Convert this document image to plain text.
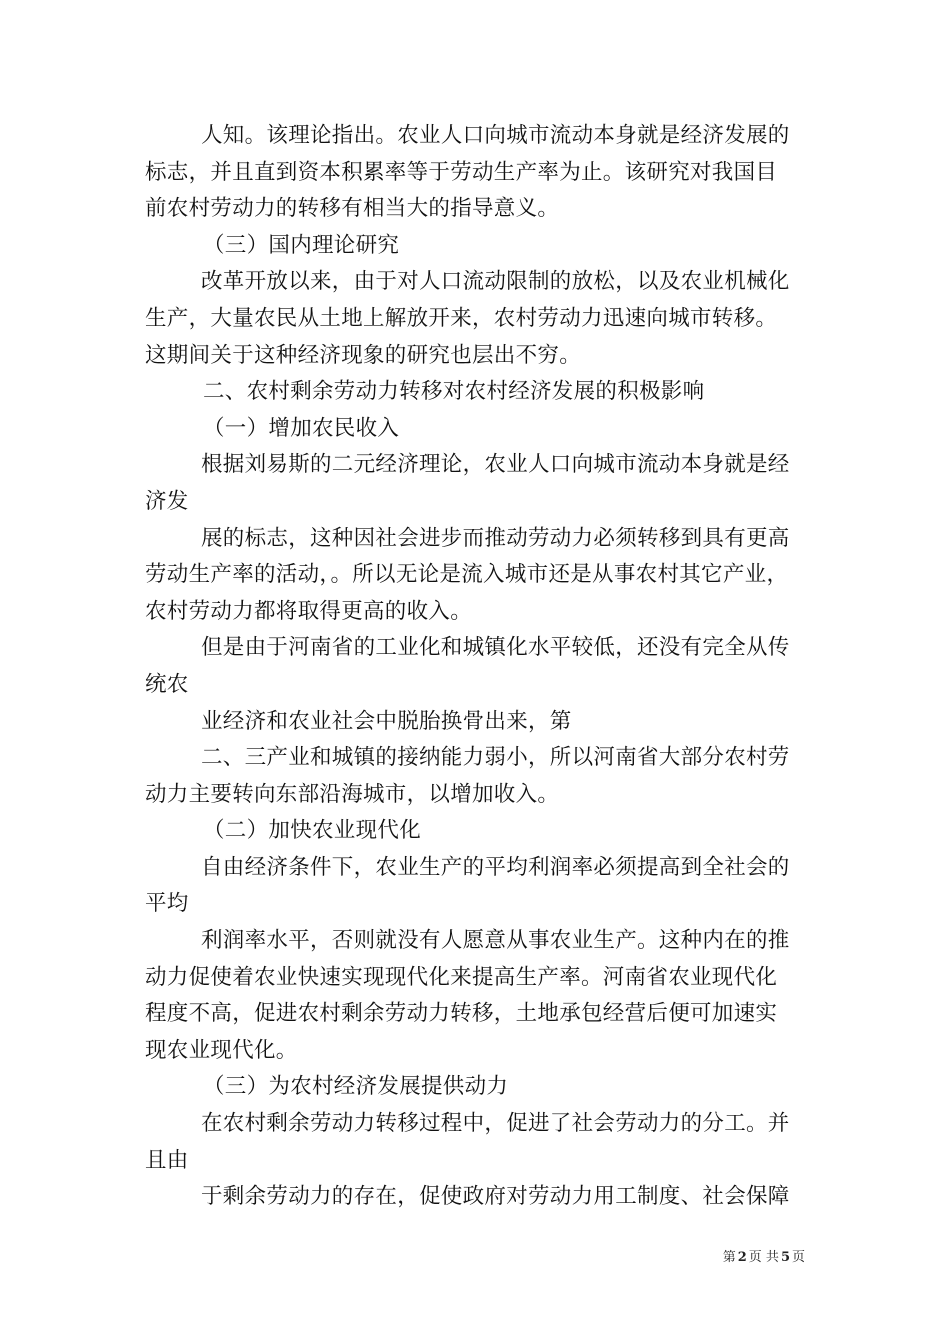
人知。该理论指出。农业人口向城市流动本身就是经济发展的

标志，并且直到资本积累率等于劳动生产率为止。该研究对我国目

前农村劳动力的转移有相当大的指导意义。

（三）国内理论研究

改革开放以来，由于对人口流动限制的放松，以及农业机械化

生产，大量农民从土地上解放开来，农村劳动力迅速向城市转移。

这期间关于这种经济现象的研究也层出不穷。

二、农村剩余劳动力转移对农村经济发展的积极影响

（一）增加农民收入

根据刘易斯的二元经济理论，农业人口向城市流动本身就是经

济发

展的标志，这种因社会进步而推动劳动力必须转移到具有更高

劳动生产率的活动，。所以无论是流入城市还是从事农村其它产业，

农村劳动力都将取得更高的收入。

但是由于河南省的工业化和城镇化水平较低，还没有完全从传

统农

业经济和农业社会中脱胎换骨出来，第

二、三产业和城镇的接纳能力弱小，所以河南省大部分农村劳

动力主要转向东部沿海城市，以增加收入。

（二）加快农业现代化

自由经济条件下，农业生产的平均利润率必须提高到全社会的

平均

利润率水平，否则就没有人愿意从事农业生产。这种内在的推

动力促使着农业快速实现现代化来提高生产率。河南省农业现代化

程度不高，促进农村剩余劳动力转移，土地承包经营后便可加速实

现农业现代化。

（三）为农村经济发展提供动力

在农村剩余劳动力转移过程中，促进了社会劳动力的分工。并

且由

于剩余劳动力的存在，促使政府对劳动力用工制度、社会保障

第 2 页 共 5 页
